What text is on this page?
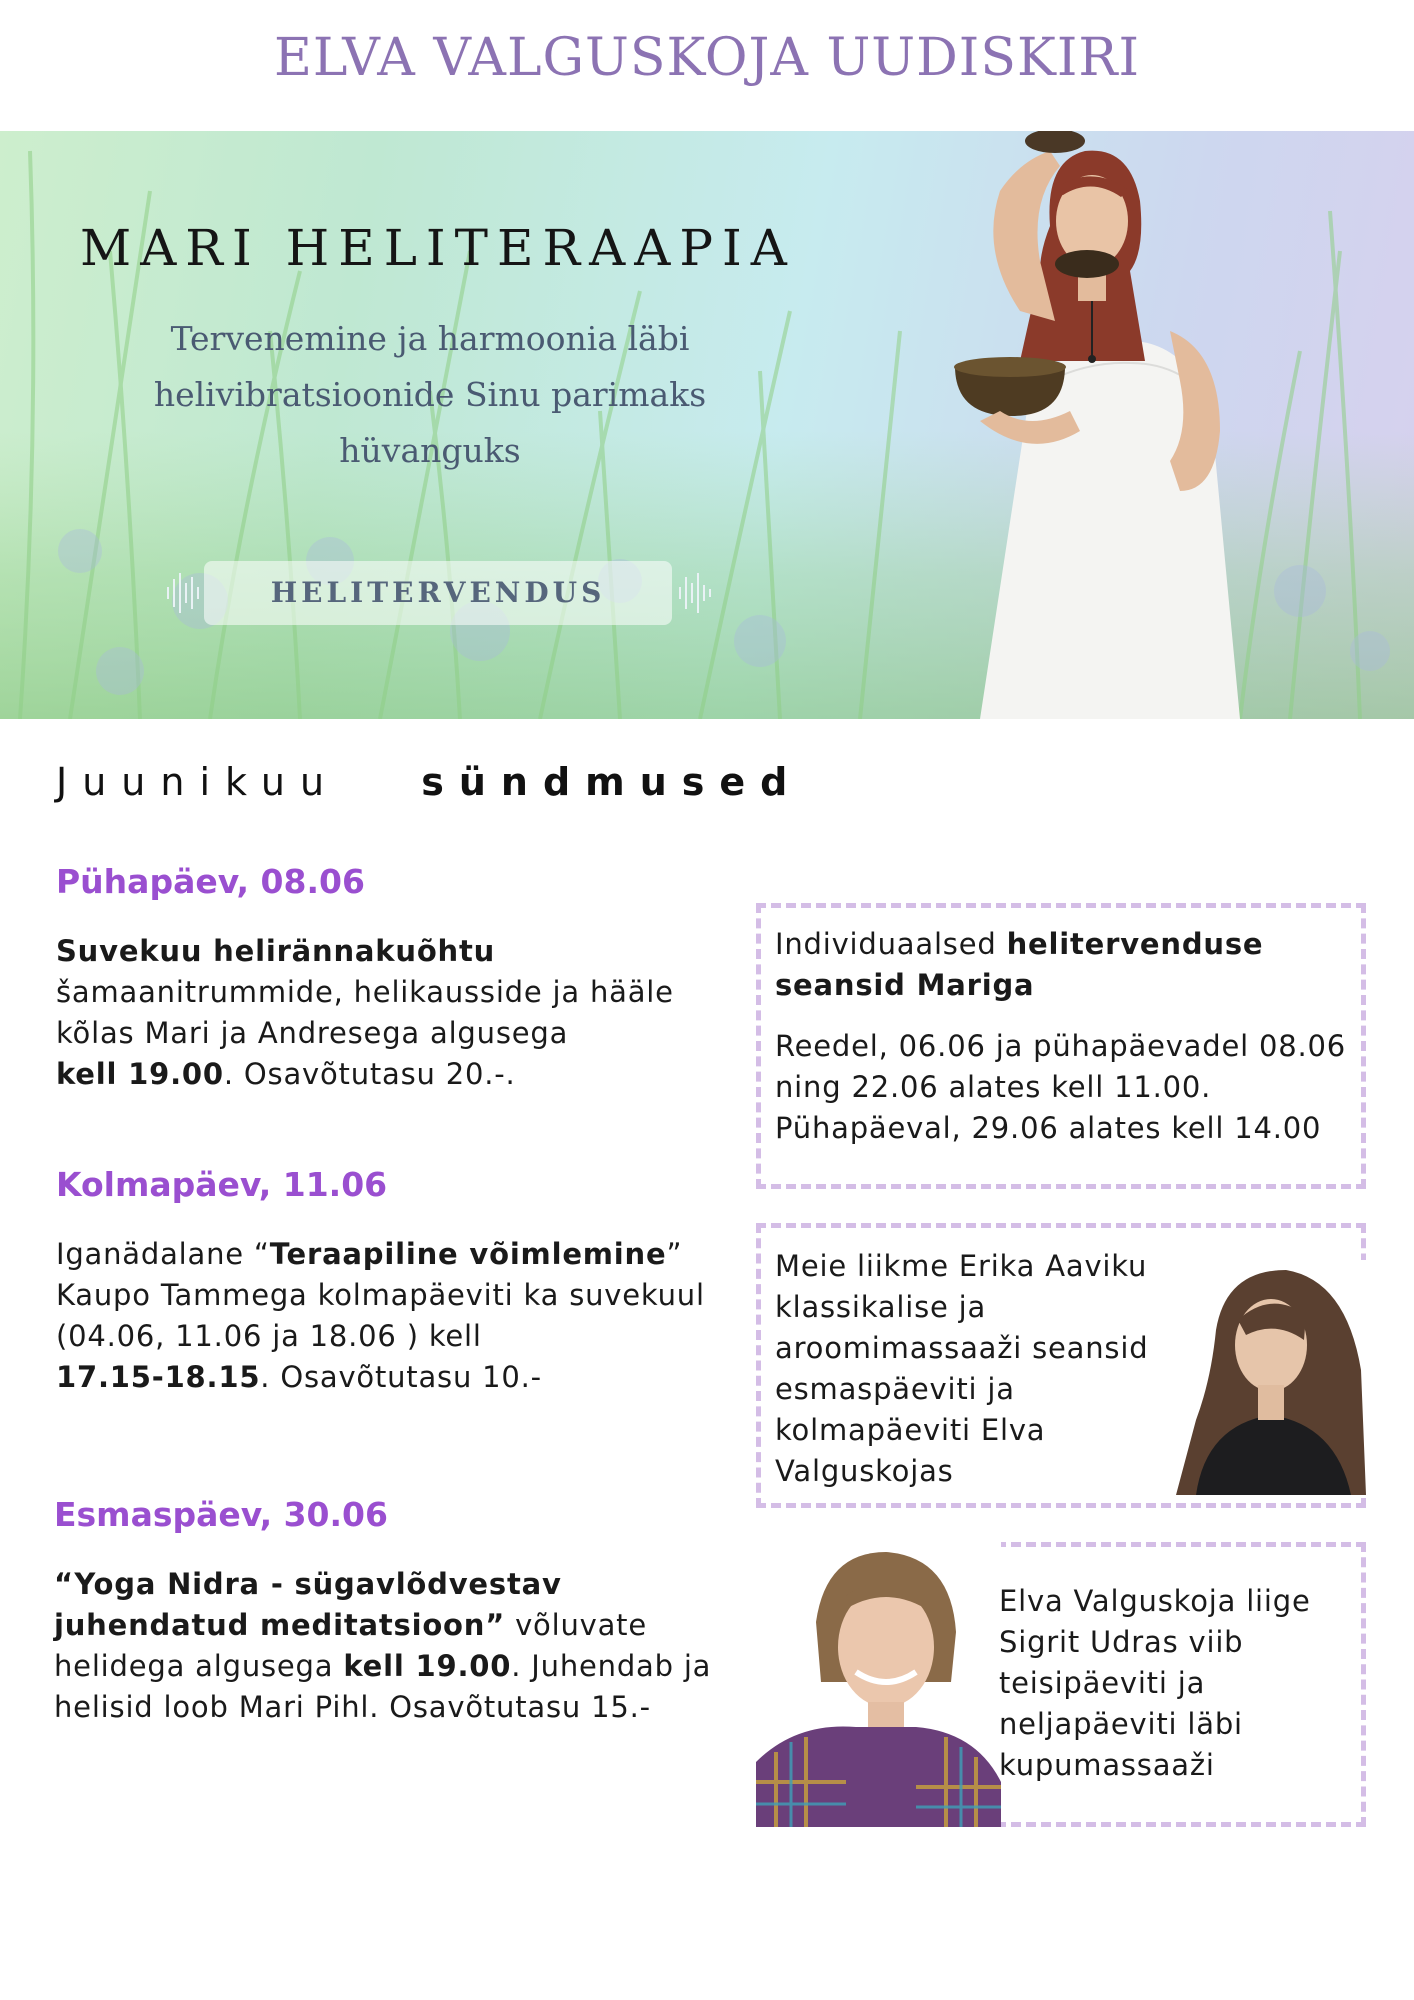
ELVA VALGUSKOJA UUDISKIRI
MARI HELITERAAPIA
Tervenemine ja harmoonia läbi helivibratsioonide Sinu parimaks hüvanguks
HELITERVENDUS
Juunikuu sündmused
Pühapäev, 08.06
Suvekuu helirännakuõhtu
šamaanitrummide, helikausside ja hääle kõlas Mari ja Andresega algusega
kell 19.00. Osavõtutasu 20.-.
Kolmapäev, 11.06
Iganädalane “Teraapiline võimlemine” Kaupo Tammega kolmapäeviti ka suvekuul (04.06, 11.06 ja 18.06 ) kell
17.15-18.15. Osavõtutasu 10.-
Esmaspäev, 30.06
“Yoga Nidra - sügavlõdvestav juhendatud meditatsioon” võluvate helidega algusega kell 19.00. Juhendab ja helisid loob Mari Pihl. Osavõtutasu 15.-
Individuaalsed helitervenduse seansid Mariga
Reedel, 06.06 ja pühapäevadel 08.06 ning 22.06 alates kell 11.00. Pühapäeval, 29.06 alates kell 14.00
Meie liikme Erika Aaviku klassikalise ja aroomimassaaži seansid esmaspäeviti ja kolmapäeviti Elva Valguskojas
Elva Valguskoja liige Sigrit Udras viib teisipäeviti ja neljapäeviti läbi kupumassaaži
